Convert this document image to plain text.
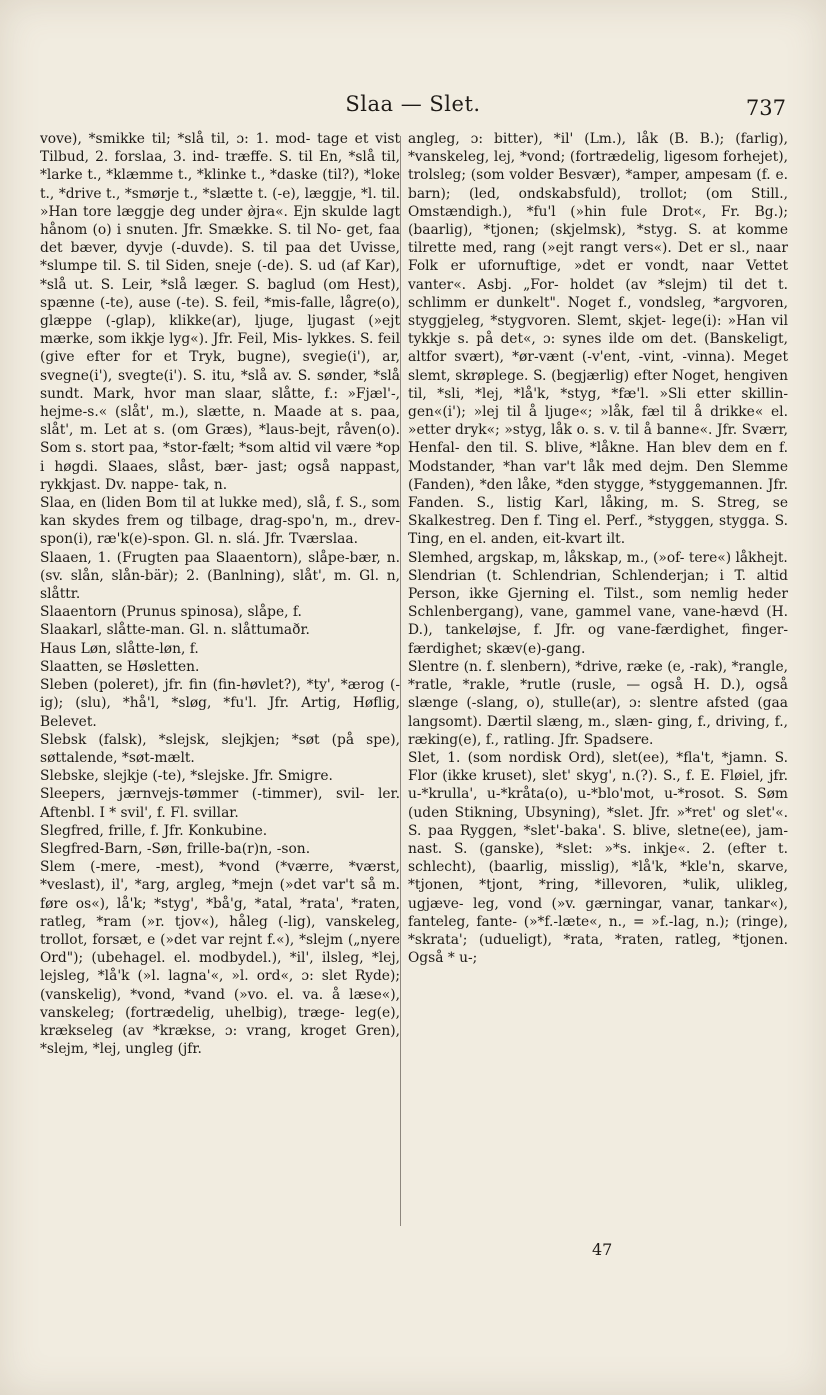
Slaa — Slet.	737

vove), *smikke til; *slå til, ɔ: 1. mod- tage et vist Tilbud, 2. forslaa, 3. ind- træffe. S. til En, *slå til, *larke t., *klæmme t., *klinke t., *daske (til?), *loke t., *drive t., *smørje t., *slætte t. (-e), læggje, *l. til. »Han tore læggje deg under ø̀jra«. Ejn skulde lagt hånom (o) i snuten. Jfr. Smække. S. til No- get, faa det bæver, dyvje (-duvde). S. til paa det Uvisse, *slumpe til. S. til Siden, sneje (-de). S. ud (af Kar), *slå ut. S. Leir, *slå læger. S. baglud (om Hest), spænne (-te), ause (-te). S. feil, *mis-falle, lågre(o), glæppe (-glap), klikke(ar), ljuge, ljugast (»ejt mærke, som ikkje lyg«). Jfr. Feil, Mis- lykkes. S. feil (give efter for et Tryk, bugne), svegie(i'), ar, svegne(i'), svegte(i'). S. itu, *slå av. S. sønder, *slå sundt. Mark, hvor man slaar, slåtte, f.: »Fjæl'-, hejme-s.« (slåt', m.), slætte, n. Maade at s. paa, slåt', m. Let at s. (om Græs), *laus-bejt, råven(o). Som s. stort paa, *stor-fælt; *som altid vil være *op i høgdi. Slaaes, slåst, bær- jast; også nappast, rykkjast. Dv. nappe- tak, n.

Slaa, en (liden Bom til at lukke med), slå, f. S., som kan skydes frem og tilbage, drag-spo'n, m., drev-spon(i), ræ'k(e)-spon. Gl. n. slá. Jfr. Tværslaa.

Slaaen, 1. (Frugten paa Slaaentorn), slåpe-bær, n. (sv. slån, slån-bär); 2. (Banlning), slåt', m. Gl. n, slåttr.

Slaaentorn (Prunus spinosa), slåpe, f.

Slaakarl, slåtte-man. Gl. n. slåttumaðr.

Haus Løn, slåtte-løn, f.

Slaatten, se Høsletten.

Sleben (poleret), jfr. fin (fin-høvlet?), *ty', *ærog (-ig); (slu), *hå'l, *sløg, *fu'l. Jfr. Artig, Høflig, Belevet.

Slebsk (falsk), *slejsk, slejkjen; *søt (på spe), søttalende, *søt-mælt.

Slebske, slejkje (-te), *slejske. Jfr. Smigre.

Sleepers, jærnvejs-tømmer (-timmer), svil- ler. Aftenbl. I * svil', f. Fl. svillar.

Slegfred, frille, f. Jfr. Konkubine.

Slegfred-Barn, -Søn, frille-ba(r)n, -son.

Slem (-mere, -mest), *vond (*værre, *værst, *veslast), il', *arg, argleg, *mejn (»det var't så m. føre os«), lå'k; *styg', *bå'g, *atal, *rata', *raten, ratleg, *ram (»r. tjov«), håleg (-lig), vanskeleg, trollot, forsæt, e (»det var rejnt f.«), *slejm („nyere Ord"); (ubehagel. el. modbydel.), *il', ilsleg, *lej, lejsleg, *lå'k (»l. lagna'«, »l. ord«, ɔ: slet Ryde); (vanskelig), *vond, *vand (»vo. el. va. å læse«), vanskeleg; (fortrædelig, uhelbig), træge- leg(e), krækseleg (av *krækse, ɔ: vrang, kroget Gren), *slejm, *lej, ungleg (jfr.

angleg, ɔ: bitter), *il' (Lm.), låk (B. B.); (farlig), *vanskeleg, lej, *vond; (fortrædelig, ligesom forhejet), trolsleg; (som volder Besvær), *amper, ampesam (f. e. barn); (led, ondskabsfuld), trollot; (om Still., Omstændigh.), *fu'l (»hin fule Drot«, Fr. Bg.); (baarlig), *tjonen; (skjelmsk), *styg. S. at komme tilrette med, rang (»ejt rangt vers«). Det er sl., naar Folk er ufornuftige, »det er vondt, naar Vettet vanter«. Asbj. „For- holdet (av *slejm) til det t. schlimm er dunkelt". Noget f., vondsleg, *argvoren, styggjeleg, *stygvoren. Slemt, skjet- lege(i): »Han vil tykkje s. på det«, ɔ: synes ilde om det. (Banskeligt, altfor svært), *ør-vænt (-v'ent, -vint, -vinna). Meget slemt, skrøplege. S. (begjærlig) efter Noget, hengiven til, *sli, *lej, *lå'k, *styg, *fæ'l. »Sli etter skillin- gen«(i'); »lej til å ljuge«; »låk, fæl til å drikke« el. »etter dryk«; »styg, låk o. s. v. til å banne«. Jfr. Sværr, Henfal- den til. S. blive, *låkne. Han blev dem en f. Modstander, *han var't låk med dejm. Den Slemme (Fanden), *den låke, *den stygge, *styggemannen. Jfr. Fanden. S., listig Karl, låking, m. S. Streg, se Skalkestreg. Den f. Ting el. Perf., *styggen, stygga. S. Ting, en el. anden, eit-kvart ilt.

Slemhed, argskap, m, låkskap, m., (»of- tere«) låkhejt.

Slendrian (t. Schlendrian, Schlenderjan; i T. altid Person, ikke Gjerning el. Tilst., som nemlig heder Schlenbergang), vane, gammel vane, vane-hævd (H. D.), tankeløjse, f. Jfr. og vane-færdighet, finger-færdighet; skæv(e)-gang.

Slentre (n. f. slenbern), *drive, ræke (e, -rak), *rangle, *ratle, *rakle, *rutle (rusle, — også H. D.), også slænge (-slang, o), stulle(ar), ɔ: slentre afsted (gaa langsomt). Dærtil slæng, m., slæn- ging, f., driving, f., ræking(e), f., ratling. Jfr. Spadsere.

Slet, 1. (som nordisk Ord), slet(ee), *fla't, *jamn. S. Flor (ikke kruset), slet' skyg', n.(?). S., f. E. Fløiel, jfr. u-*krulla', u-*kråta(o), u-*blo'mot, u-*rosot. S. Søm (uden Stikning, Ubsyning), *slet. Jfr. »*ret' og slet'«. S. paa Ryggen, *slet'-baka'. S. blive, sletne(ee), jam- nast. S. (ganske), *slet: »*s. inkje«. 2. (efter t. schlecht), (baarlig, misslig), *lå'k, *kle'n, skarve, *tjonen, *tjont, *ring, *illevoren, *ulik, ulikleg, ugjæve- leg, vond (»v. gærningar, vanar, tankar«), fanteleg, fante- (»*f.-læte«, n., = »f.-lag, n.); (ringe), *skrata'; (udueligt), *rata, *raten, ratleg, *tjonen. Også * u-;

47
